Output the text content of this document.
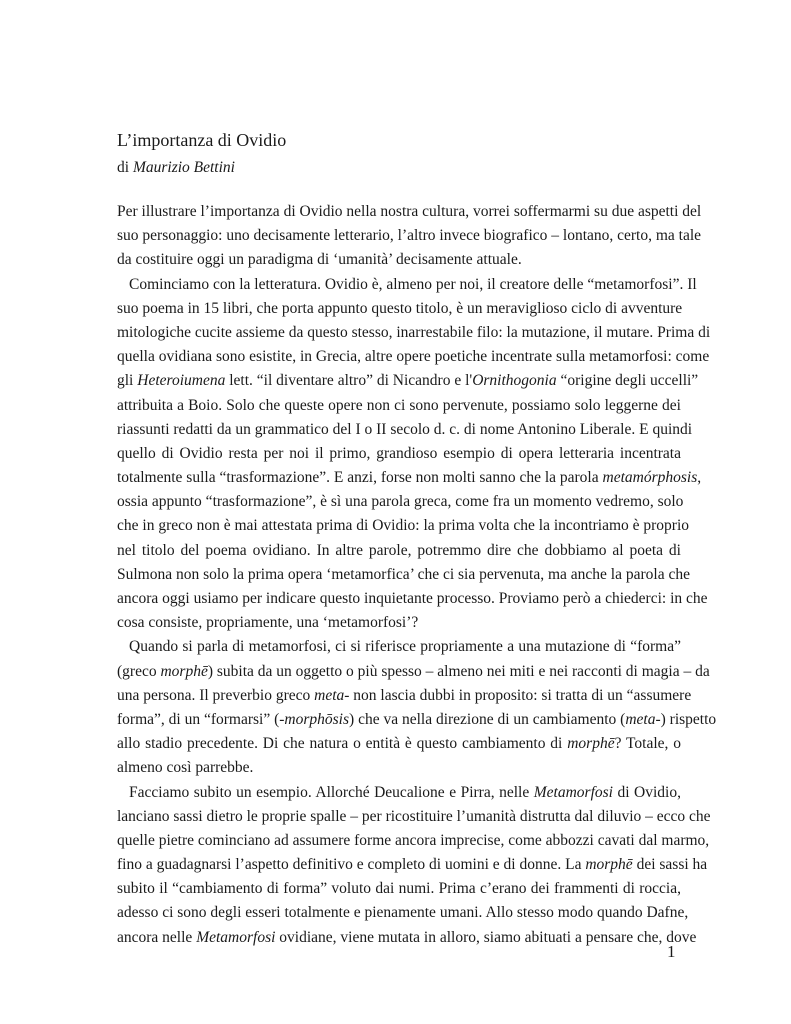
L’importanza di Ovidio
di Maurizio Bettini
Per illustrare l’importanza di Ovidio nella nostra cultura, vorrei soffermarmi su due aspetti del
suo personaggio: uno decisamente letterario, l’altro invece biografico – lontano, certo, ma tale
da costituire oggi un paradigma di ‘umanità’ decisamente attuale.
Cominciamo con la letteratura. Ovidio è, almeno per noi, il creatore delle “metamorfosi”. Il
suo poema in 15 libri, che porta appunto questo titolo, è un meraviglioso ciclo di avventure
mitologiche cucite assieme da questo stesso, inarrestabile filo: la mutazione, il mutare. Prima di
quella ovidiana sono esistite, in Grecia, altre opere poetiche incentrate sulla metamorfosi: come
gli Heteroiumena lett. “il diventare altro” di Nicandro e l'Ornithogonia “origine degli uccelli”
attribuita a Boio. Solo che queste opere non ci sono pervenute, possiamo solo leggerne dei
riassunti redatti da un grammatico del I o II secolo d. c. di nome Antonino Liberale. E quindi
quello di Ovidio resta per noi il primo, grandioso esempio di opera letteraria incentrata
totalmente sulla “trasformazione”. E anzi, forse non molti sanno che la parola metamórphosis,
ossia appunto “trasformazione”, è sì una parola greca, come fra un momento vedremo, solo
che in greco non è mai attestata prima di Ovidio: la prima volta che la incontriamo è proprio
nel titolo del poema ovidiano. In altre parole, potremmo dire che dobbiamo al poeta di
Sulmona non solo la prima opera ‘metamorfica’ che ci sia pervenuta, ma anche la parola che
ancora oggi usiamo per indicare questo inquietante processo. Proviamo però a chiederci: in che
cosa consiste, propriamente, una ‘metamorfosi’?
Quando si parla di metamorfosi, ci si riferisce propriamente a una mutazione di “forma”
(greco morphē) subita da un oggetto o più spesso – almeno nei miti e nei racconti di magia – da
una persona. Il preverbio greco meta- non lascia dubbi in proposito: si tratta di un “assumere
forma”, di un “formarsi” (-morphōsis) che va nella direzione di un cambiamento (meta-) rispetto
allo stadio precedente. Di che natura o entità è questo cambiamento di morphē? Totale, o
almeno così parrebbe.
Facciamo subito un esempio. Allorché Deucalione e Pirra, nelle Metamorfosi di Ovidio,
lanciano sassi dietro le proprie spalle – per ricostituire l’umanità distrutta dal diluvio – ecco che
quelle pietre cominciano ad assumere forme ancora imprecise, come abbozzi cavati dal marmo,
fino a guadagnarsi l’aspetto definitivo e completo di uomini e di donne. La morphē dei sassi ha
subito il “cambiamento di forma” voluto dai numi. Prima c’erano dei frammenti di roccia,
adesso ci sono degli esseri totalmente e pienamente umani. Allo stesso modo quando Dafne,
ancora nelle Metamorfosi ovidiane, viene mutata in alloro, siamo abituati a pensare che, dove
1
